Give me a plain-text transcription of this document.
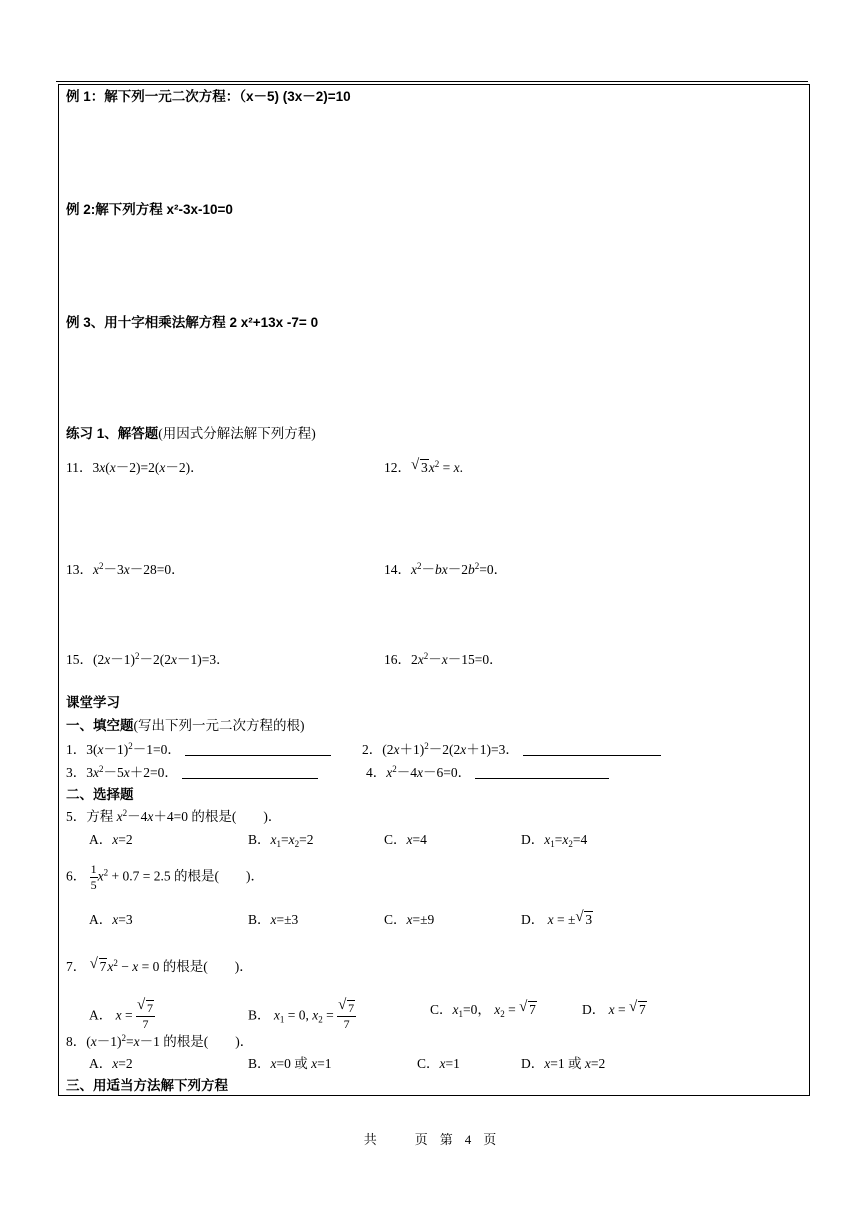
例 1：解下列一元二次方程：（x－5) (3x－2)=10
例 2:解下列方程 x²-3x-10=0
例 3、用十字相乘法解方程 2 x²+13x -7= 0
练习 1、解答题(用因式分解法解下列方程)
11．3x(x－2)=2(x－2)．	12． √ $3x^2 = x$.
13．$x^2-3x-28=0$．	14．$x^2-bx-2b^2=0$．
15．$(2x-1)^2-2(2x-1)=3$．	16．$2x^2-x-15=0$．
课堂学习
一、填空题(写出下列一元二次方程的根)
1．$3(x-1)^2-1=0$．	2．$(2x+1)^2-2(2x+1)=3$．
3．$3x^2-5x+2=0$．	4．$x^2-4x-6=0$．
二、选择题
5．方程 $x^2-4x+4=0$ 的根是(　　)．
A．x=2	B．$x_1=x_2=2$	C．x=4	D．$x_1=x_2=4$
6． $\frac{1}{5} x^2 + 0.7 = 2.5$ 的根是(　　)．
A．x=3	B．x=±3	C．x=±9	D． x = ± √ 3
7． √ $7x^2 - x = 0$ 的根是(　　)．
A． x = √ $\frac{7}{7}$	B． $x_1 = 0$, $x_2$ = √ $\frac{7}{7}$	C．$x_1=0$， $x_2$ = √ 7	D． x = √ 7
8．$(x-1)^2=x-1$ 的根是(　　)．
A．x=2	B．x=0 或 x=1	C．x=1	D．x=1 或 x=2
三、用适当方法解下列方程
共	页 第 4 页
